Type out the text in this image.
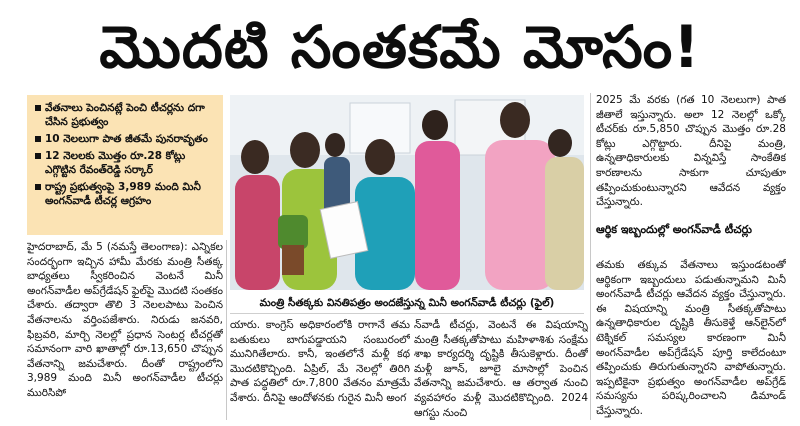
మొదటి సంతకమే మోసం!
వేతనాలు పెంచినట్లే పెంచి టీచర్లను దగా చేసిన ప్రభుత్వం
10 నెలలుగా పాత జీతమే పునరావృతం
12 నెలలకు మొత్తం రూ.28 కోట్లు ఎగ్గొట్టిన రేవంత్‌రెడ్డి సర్కార్
రాష్ట్ర ప్రభుత్వంపై 3,989 మంది మినీ అంగన్‌వాడీ టీచర్ల ఆగ్రహం
మంత్రి సీతక్కకు వినతిపత్రం అందజేస్తున్న మినీ అంగన్‌వాడీ టీచర్లు (ఫైల్)
హైదరాబాద్, మే 5 (నమస్తే తెలంగాణ): ఎన్నికల సందర్భంగా ఇచ్చిన హామీ మేరకు మంత్రి సీతక్క బాధ్యతలు స్వీకరించిన వెంటనే మినీ అంగన్‌వాడీల అప్‌గ్రేడేషన్ ఫైల్‌పై మొదటి సంతకం చేశారు. తద్వారా తొలి 3 నెలలపాటు పెంచిన వేతనాలను వర్తింపజేశారు. నిరుడు జనవరి, ఫిబ్రవరి, మార్చి నెలల్లో ప్రధాన సెంటర్ల టీచర్లతో సమానంగా వారి ఖాతాల్లో రూ.13,650 చొప్పున వేతనాన్ని జమచేశారు. దీంతో రాష్ట్రంలోని 3,989 మంది మినీ అంగన్‌వాడీల టీచర్లు మురిసిపో
యారు. కాంగ్రెస్ అధికారంలోకి రాగానే తమ బతుకులు బాగుపడ్డాయని సంబురంలో మునిగితేలారు. కానీ, ఇంతలోనే మళ్లీ కథ మొదటికొచ్చింది. ఏప్రిల్, మే నెలల్లో తిరిగి పాత పద్ధతిలో రూ.7,800 వేతనం మాత్రమే వేశారు. దీనిపై ఆందోళనకు గురైన మినీ అంగ
న్‌వాడీ టీచర్లు, వెంటనే ఈ విషయాన్ని మంత్రి సీతక్కతోపాటు మహిళాశిశు సంక్షేమ శాఖ కార్యదర్శి దృష్టికి తీసుకెళ్లారు. దీంతో మళ్లీ జూన్, జూలై మాసాల్లో పెంచిన వేతనాన్ని జమచేశారు. ఆ తర్వాత నుంచి వ్యవహారం మళ్లీ మొదటికొచ్చింది. 2024 ఆగస్టు నుంచి
2025 మే వరకు (గత 10 నెలలుగా) పాత జీతాలే ఇస్తున్నారు. అలా 12 నెలల్లో ఒక్కో టీచర్‌కు రూ.5,850 చొప్పున మొత్తం రూ.28 కోట్లు ఎగ్గొట్టారు. దీనిపై మంత్రి, ఉన్నతాధికారులకు విన్నవిస్తే సాంకేతిక కారణాలను సాకుగా చూపుతూ తప్పించుకుంటున్నారని ఆవేదన వ్యక్తం చేస్తున్నారు.
ఆర్థిక ఇబ్బందుల్లో అంగన్‌వాడీ టీచర్లు
తమకు తక్కువ వేతనాలు ఇస్తుండటంతో ఆర్థికంగా ఇబ్బందులు పడుతున్నామని మినీ అంగన్‌వాడీ టీచర్లు ఆవేదన వ్యక్తం చేస్తున్నారు. ఈ విషయాన్ని మంత్రి సీతక్కతోపాటు ఉన్నతాధికారుల దృష్టికి తీసుకెళ్తే ఆన్‌లైన్‌లో టెక్నికల్ సమస్యల కారణంగా మినీ అంగన్‌వాడీల అప్‌గ్రేడేషన్ పూర్తి కాలేదంటూ తప్పించుకు తిరుగుతున్నారని వాపోతున్నారు. ఇప్పటికైనా ప్రభుత్వం అంగన్‌వాడీల అప్‌గ్రేడ్ సమస్యను పరిష్కరించాలని డిమాండ్ చేస్తున్నారు.
